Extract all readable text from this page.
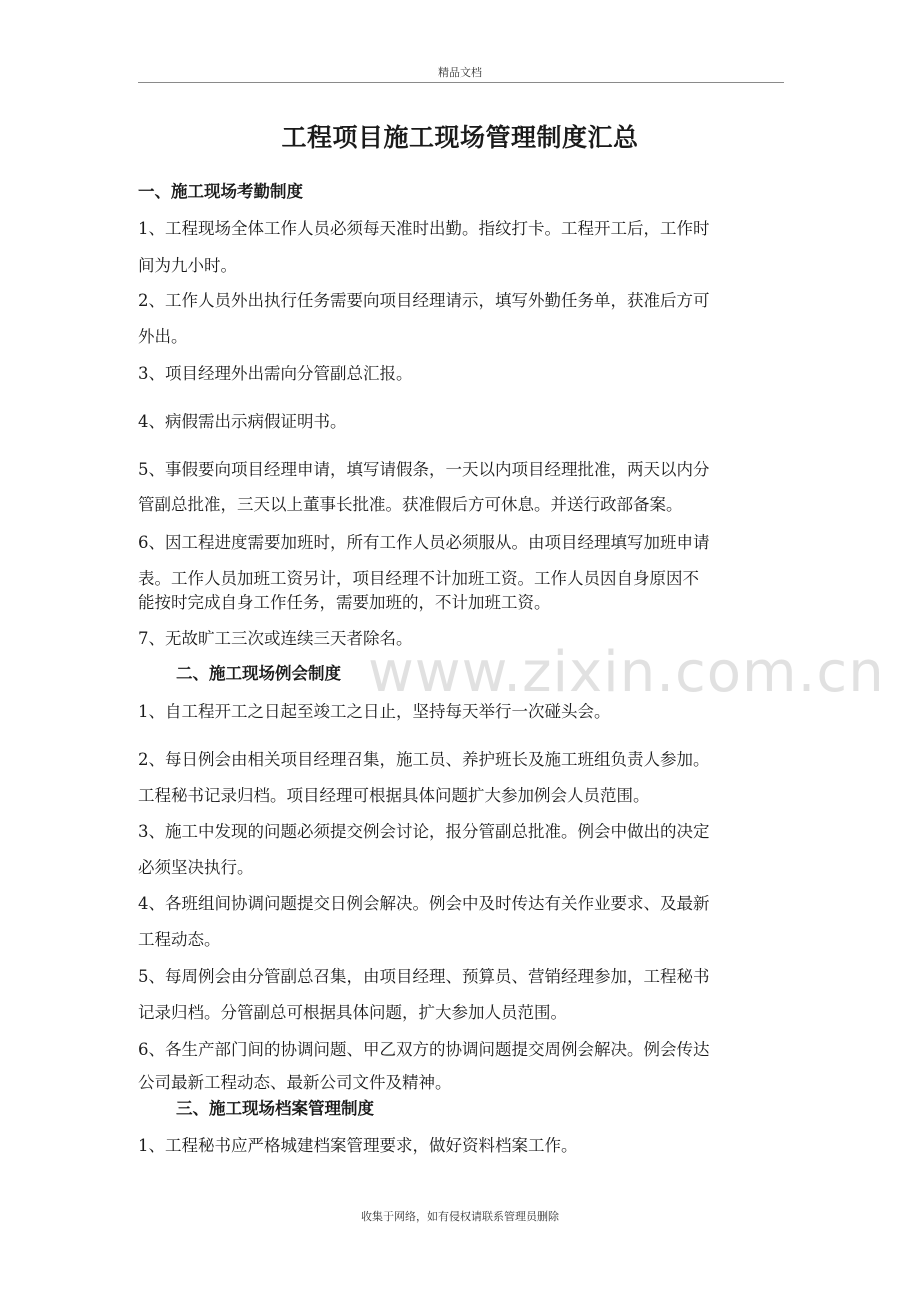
精品文档
工程项目施工现场管理制度汇总
www.zixin.com.cn
一、施工现场考勤制度
1、工程现场全体工作人员必须每天准时出勤。指纹打卡。工程开工后，工作时
间为九小时。
2、工作人员外出执行任务需要向项目经理请示，填写外勤任务单，获准后方可
外出。
3、项目经理外出需向分管副总汇报。
4、病假需出示病假证明书。
5、事假要向项目经理申请，填写请假条，一天以内项目经理批准，两天以内分
管副总批准，三天以上董事长批准。获准假后方可休息。并送行政部备案。
6、因工程进度需要加班时，所有工作人员必须服从。由项目经理填写加班申请
表。工作人员加班工资另计，项目经理不计加班工资。工作人员因自身原因不
能按时完成自身工作任务，需要加班的，不计加班工资。
7、无故旷工三次或连续三天者除名。
二、施工现场例会制度
1、自工程开工之日起至竣工之日止，坚持每天举行一次碰头会。
2、每日例会由相关项目经理召集，施工员、养护班长及施工班组负责人参加。
工程秘书记录归档。项目经理可根据具体问题扩大参加例会人员范围。
3、施工中发现的问题必须提交例会讨论，报分管副总批准。例会中做出的决定
必须坚决执行。
4、各班组间协调问题提交日例会解决。例会中及时传达有关作业要求、及最新
工程动态。
5、每周例会由分管副总召集，由项目经理、预算员、营销经理参加，工程秘书
记录归档。分管副总可根据具体问题，扩大参加人员范围。
6、各生产部门间的协调问题、甲乙双方的协调问题提交周例会解决。例会传达
公司最新工程动态、最新公司文件及精神。
三、施工现场档案管理制度
1、工程秘书应严格城建档案管理要求，做好资料档案工作。
收集于网络，如有侵权请联系管理员删除
